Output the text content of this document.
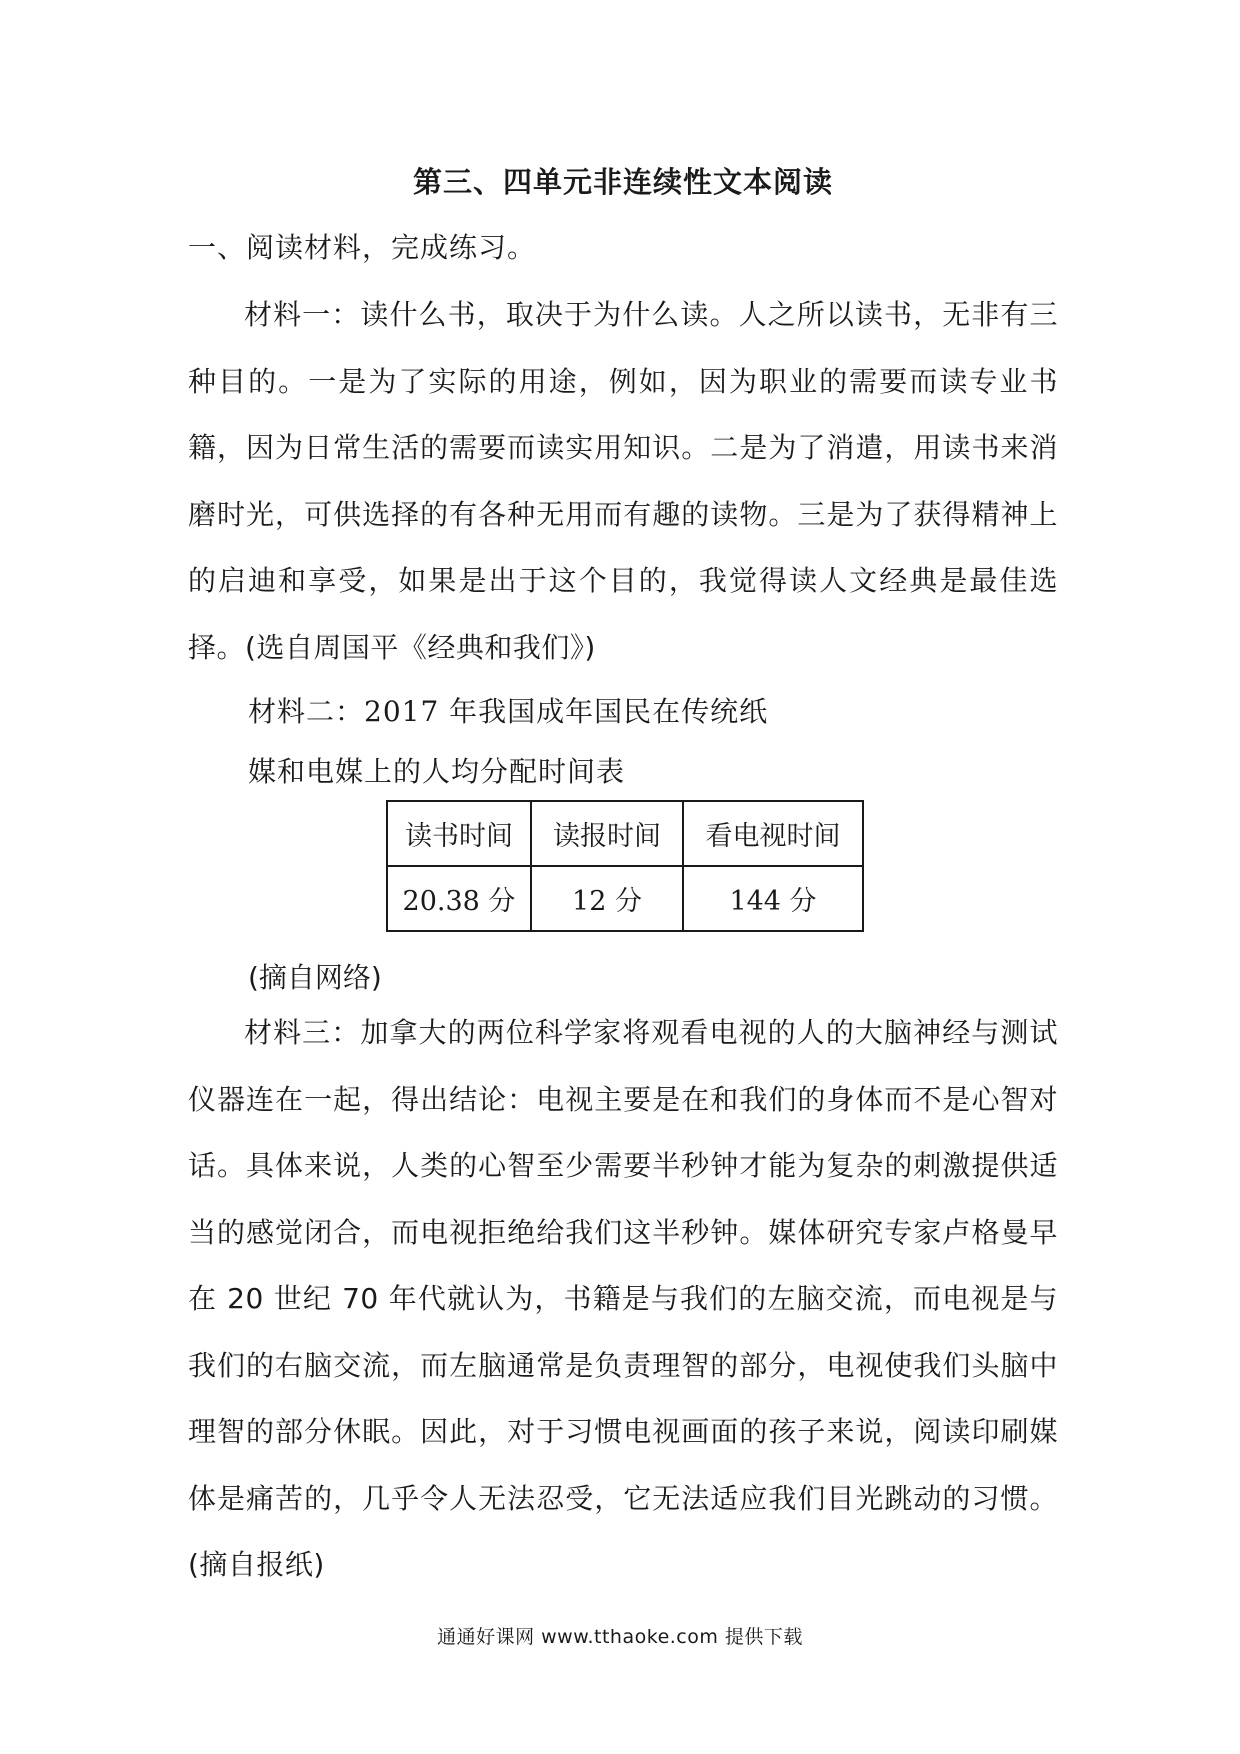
第三、四单元非连续性文本阅读
一、阅读材料，完成练习。

材料一：读什么书，取决于为什么读。人之所以读书，无非有三种目的。一是为了实际的用途，例如，因为职业的需要而读专业书籍，因为日常生活的需要而读实用知识。二是为了消遣，用读书来消磨时光，可供选择的有各种无用而有趣的读物。三是为了获得精神上的启迪和享受，如果是出于这个目的，我觉得读人文经典是最佳选择。(选自周国平《经典和我们》)

材料二：2017 年我国成年国民在传统纸
媒和电媒上的人均分配时间表
读书时间	读报时间	看电视时间
20.38 分	12 分	144 分
(摘自网络)

材料三：加拿大的两位科学家将观看电视的人的大脑神经与测试仪器连在一起，得出结论：电视主要是在和我们的身体而不是心智对话。具体来说，人类的心智至少需要半秒钟才能为复杂的刺激提供适当的感觉闭合，而电视拒绝给我们这半秒钟。媒体研究专家卢格曼早在 20 世纪 70 年代就认为，书籍是与我们的左脑交流，而电视是与我们的右脑交流，而左脑通常是负责理智的部分，电视使我们头脑中理智的部分休眠。因此，对于习惯电视画面的孩子来说，阅读印刷媒体是痛苦的，几乎令人无法忍受，它无法适应我们目光跳动的习惯。(摘自报纸)

通通好课网 www.tthaoke.com 提供下载
